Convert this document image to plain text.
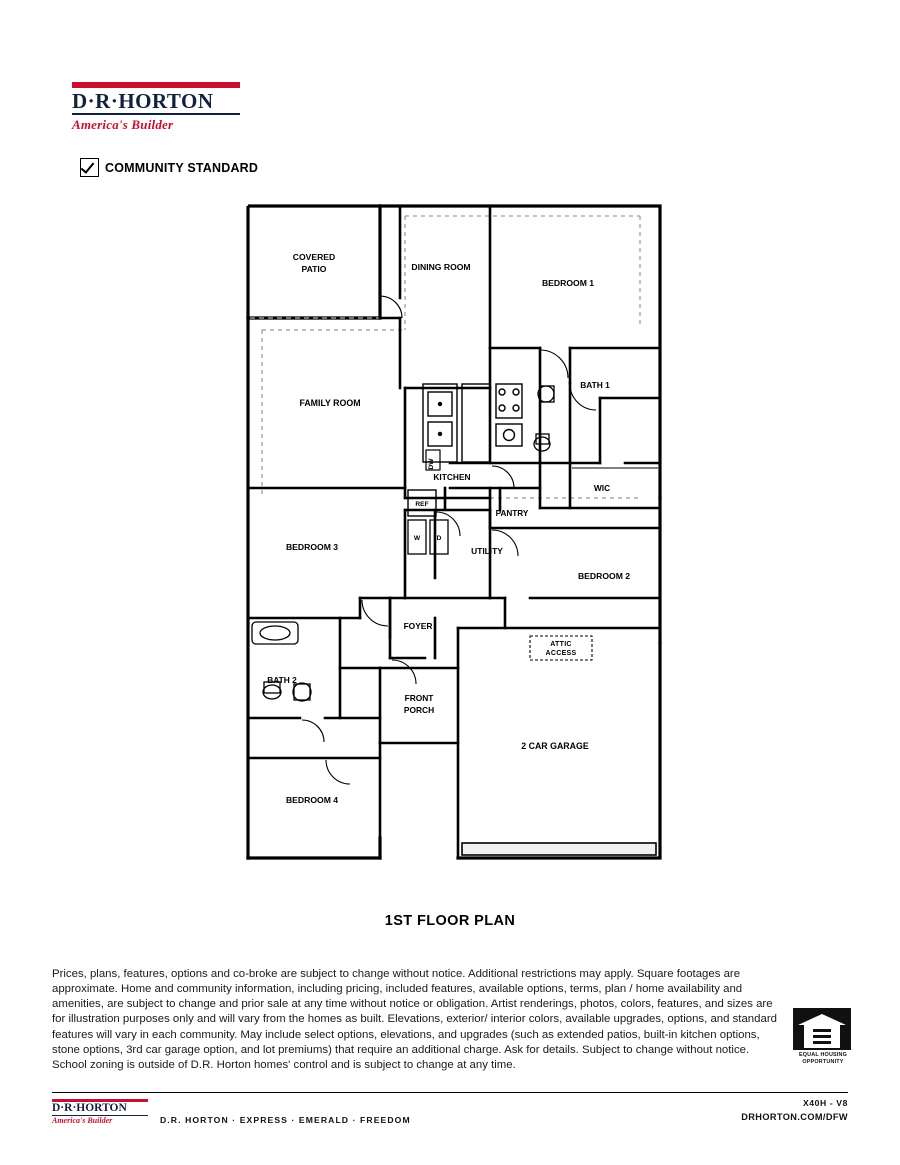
D·R·HORTON
America's Builder
COMMUNITY STANDARD
COVERED
PATIO	DINING ROOM
BEDROOM 1
FAMILY ROOM
BATH 1
WIC
KITCHEN
PANTRY
BEDROOM 3	UTILITY
BEDROOM 2
FOYER
ATTIC
ACCESS
BATH 2
FRONT
PORCH
2 CAR GARAGE
BEDROOM 4
DW
REF
W	D
1ST FLOOR PLAN
Prices, plans, features, options and co-broke are subject to change without notice. Additional restrictions may apply. Square footages are approximate. Home and community information, including pricing, included features, available options, terms, plan / home availability and amenities, are subject to change and prior sale at any time without notice or obligation. Artist renderings, photos, colors, features, and sizes are for illustration purposes only and will vary from the homes as built. Elevations, exterior/ interior colors, available upgrades, options, and standard features will vary in each community. May include select options, elevations, and upgrades (such as extended patios, built-in kitchen options, stone options, 3rd car garage option, and lot premiums) that require an additional charge. Ask for details. Subject to change without notice. School zoning is outside of D.R. Horton homes' control and is subject to change at any time.
EQUAL HOUSING
OPPORTUNITY
D·R·HORTON
America's Builder	D.R. HORTON · EXPRESS · EMERALD · FREEDOM
X40H - V8
DRHORTON.COM/DFW
